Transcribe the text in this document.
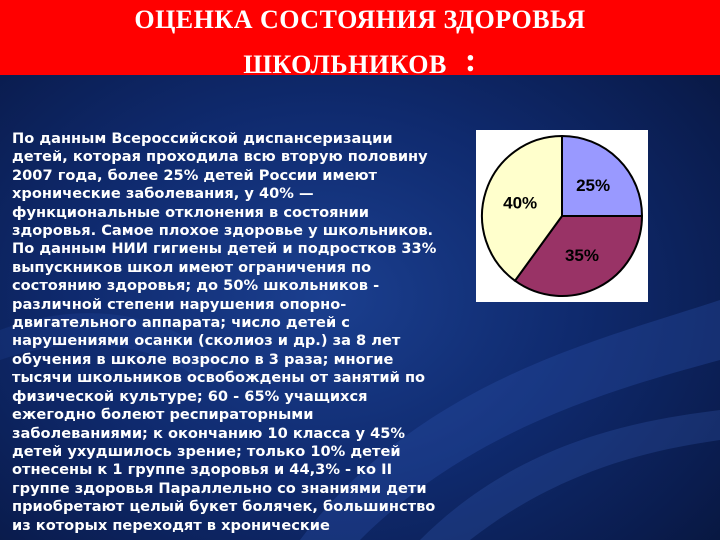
ОЦЕНКА СОСТОЯНИЯ ЗДОРОВЬЯ
ШКОЛЬНИКОВ :

По данным Всероссийской диспансеризации
детей, которая проходила всю вторую половину
2007 года, более 25% детей России имеют
хронические заболевания, у 40% —
функциональные отклонения в состоянии
здоровья. Самое плохое здоровье у школьников.
По данным НИИ гигиены детей и подростков 33%
выпускников школ имеют ограничения по
состоянию здоровья; до 50% школьников -
различной степени нарушения опорно-
двигательного аппарата; число детей с
нарушениями осанки (сколиоз и др.) за 8 лет
обучения в школе возросло в 3 раза; многие
тысячи школьников освобождены от занятий по
физической культуре; 60 - 65% учащихся
ежегодно болеют респираторными
заболеваниями; к окончанию 10 класса у 45%
детей ухудшилось зрение; только 10% детей
отнесены к 1 группе здоровья и 44,3% - ко II
группе здоровья Параллельно со знаниями дети
приобретают целый букет болячек, большинство
из которых переходят в хронические

25%
35%
40%
